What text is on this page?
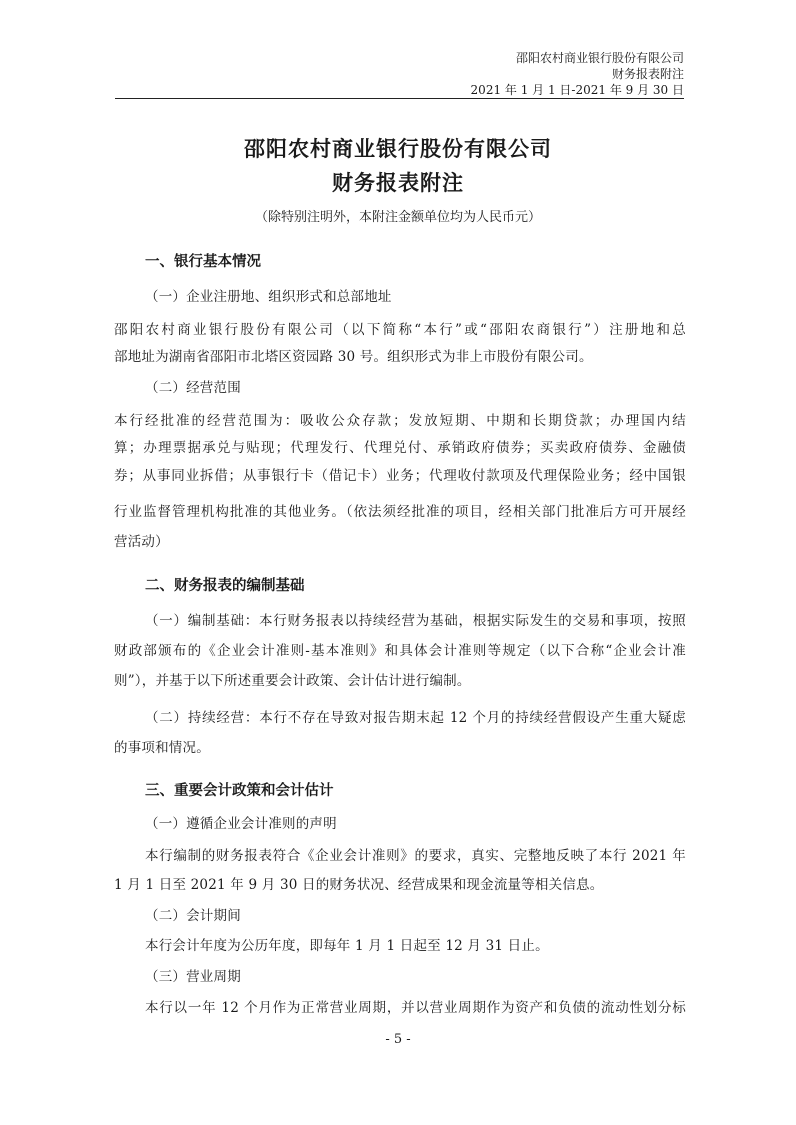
邵阳农村商业银行股份有限公司
财务报表附注
2021 年 1 月 1 日-2021 年 9 月 30 日
邵阳农村商业银行股份有限公司
财务报表附注
（除特别注明外，本附注金额单位均为人民币元）
一、银行基本情况
（一）企业注册地、组织形式和总部地址
邵阳农村商业银行股份有限公司（以下简称“本行”或“邵阳农商银行”）注册地和总
部地址为湖南省邵阳市北塔区资园路 30 号。组织形式为非上市股份有限公司。
（二）经营范围
本行经批准的经营范围为：吸收公众存款；发放短期、中期和长期贷款；办理国内结
算；办理票据承兑与贴现；代理发行、代理兑付、承销政府债券；买卖政府债券、金融债
券；从事同业拆借；从事银行卡（借记卡）业务；代理收付款项及代理保险业务；经中国银
行业监督管理机构批准的其他业务。（依法须经批准的项目，经相关部门批准后方可开展经
营活动）
二、财务报表的编制基础
（一）编制基础：本行财务报表以持续经营为基础，根据实际发生的交易和事项，按照
财政部颁布的《企业会计准则-基本准则》和具体会计准则等规定（以下合称“企业会计准
则”），并基于以下所述重要会计政策、会计估计进行编制。
（二）持续经营：本行不存在导致对报告期末起 12 个月的持续经营假设产生重大疑虑
的事项和情况。
三、重要会计政策和会计估计
（一）遵循企业会计准则的声明
本行编制的财务报表符合《企业会计准则》的要求，真实、完整地反映了本行 2021 年
1 月 1 日至 2021 年 9 月 30 日的财务状况、经营成果和现金流量等相关信息。
（二）会计期间
本行会计年度为公历年度，即每年 1 月 1 日起至 12 月 31 日止。
（三）营业周期
本行以一年 12 个月作为正常营业周期，并以营业周期作为资产和负债的流动性划分标
- 5 -
